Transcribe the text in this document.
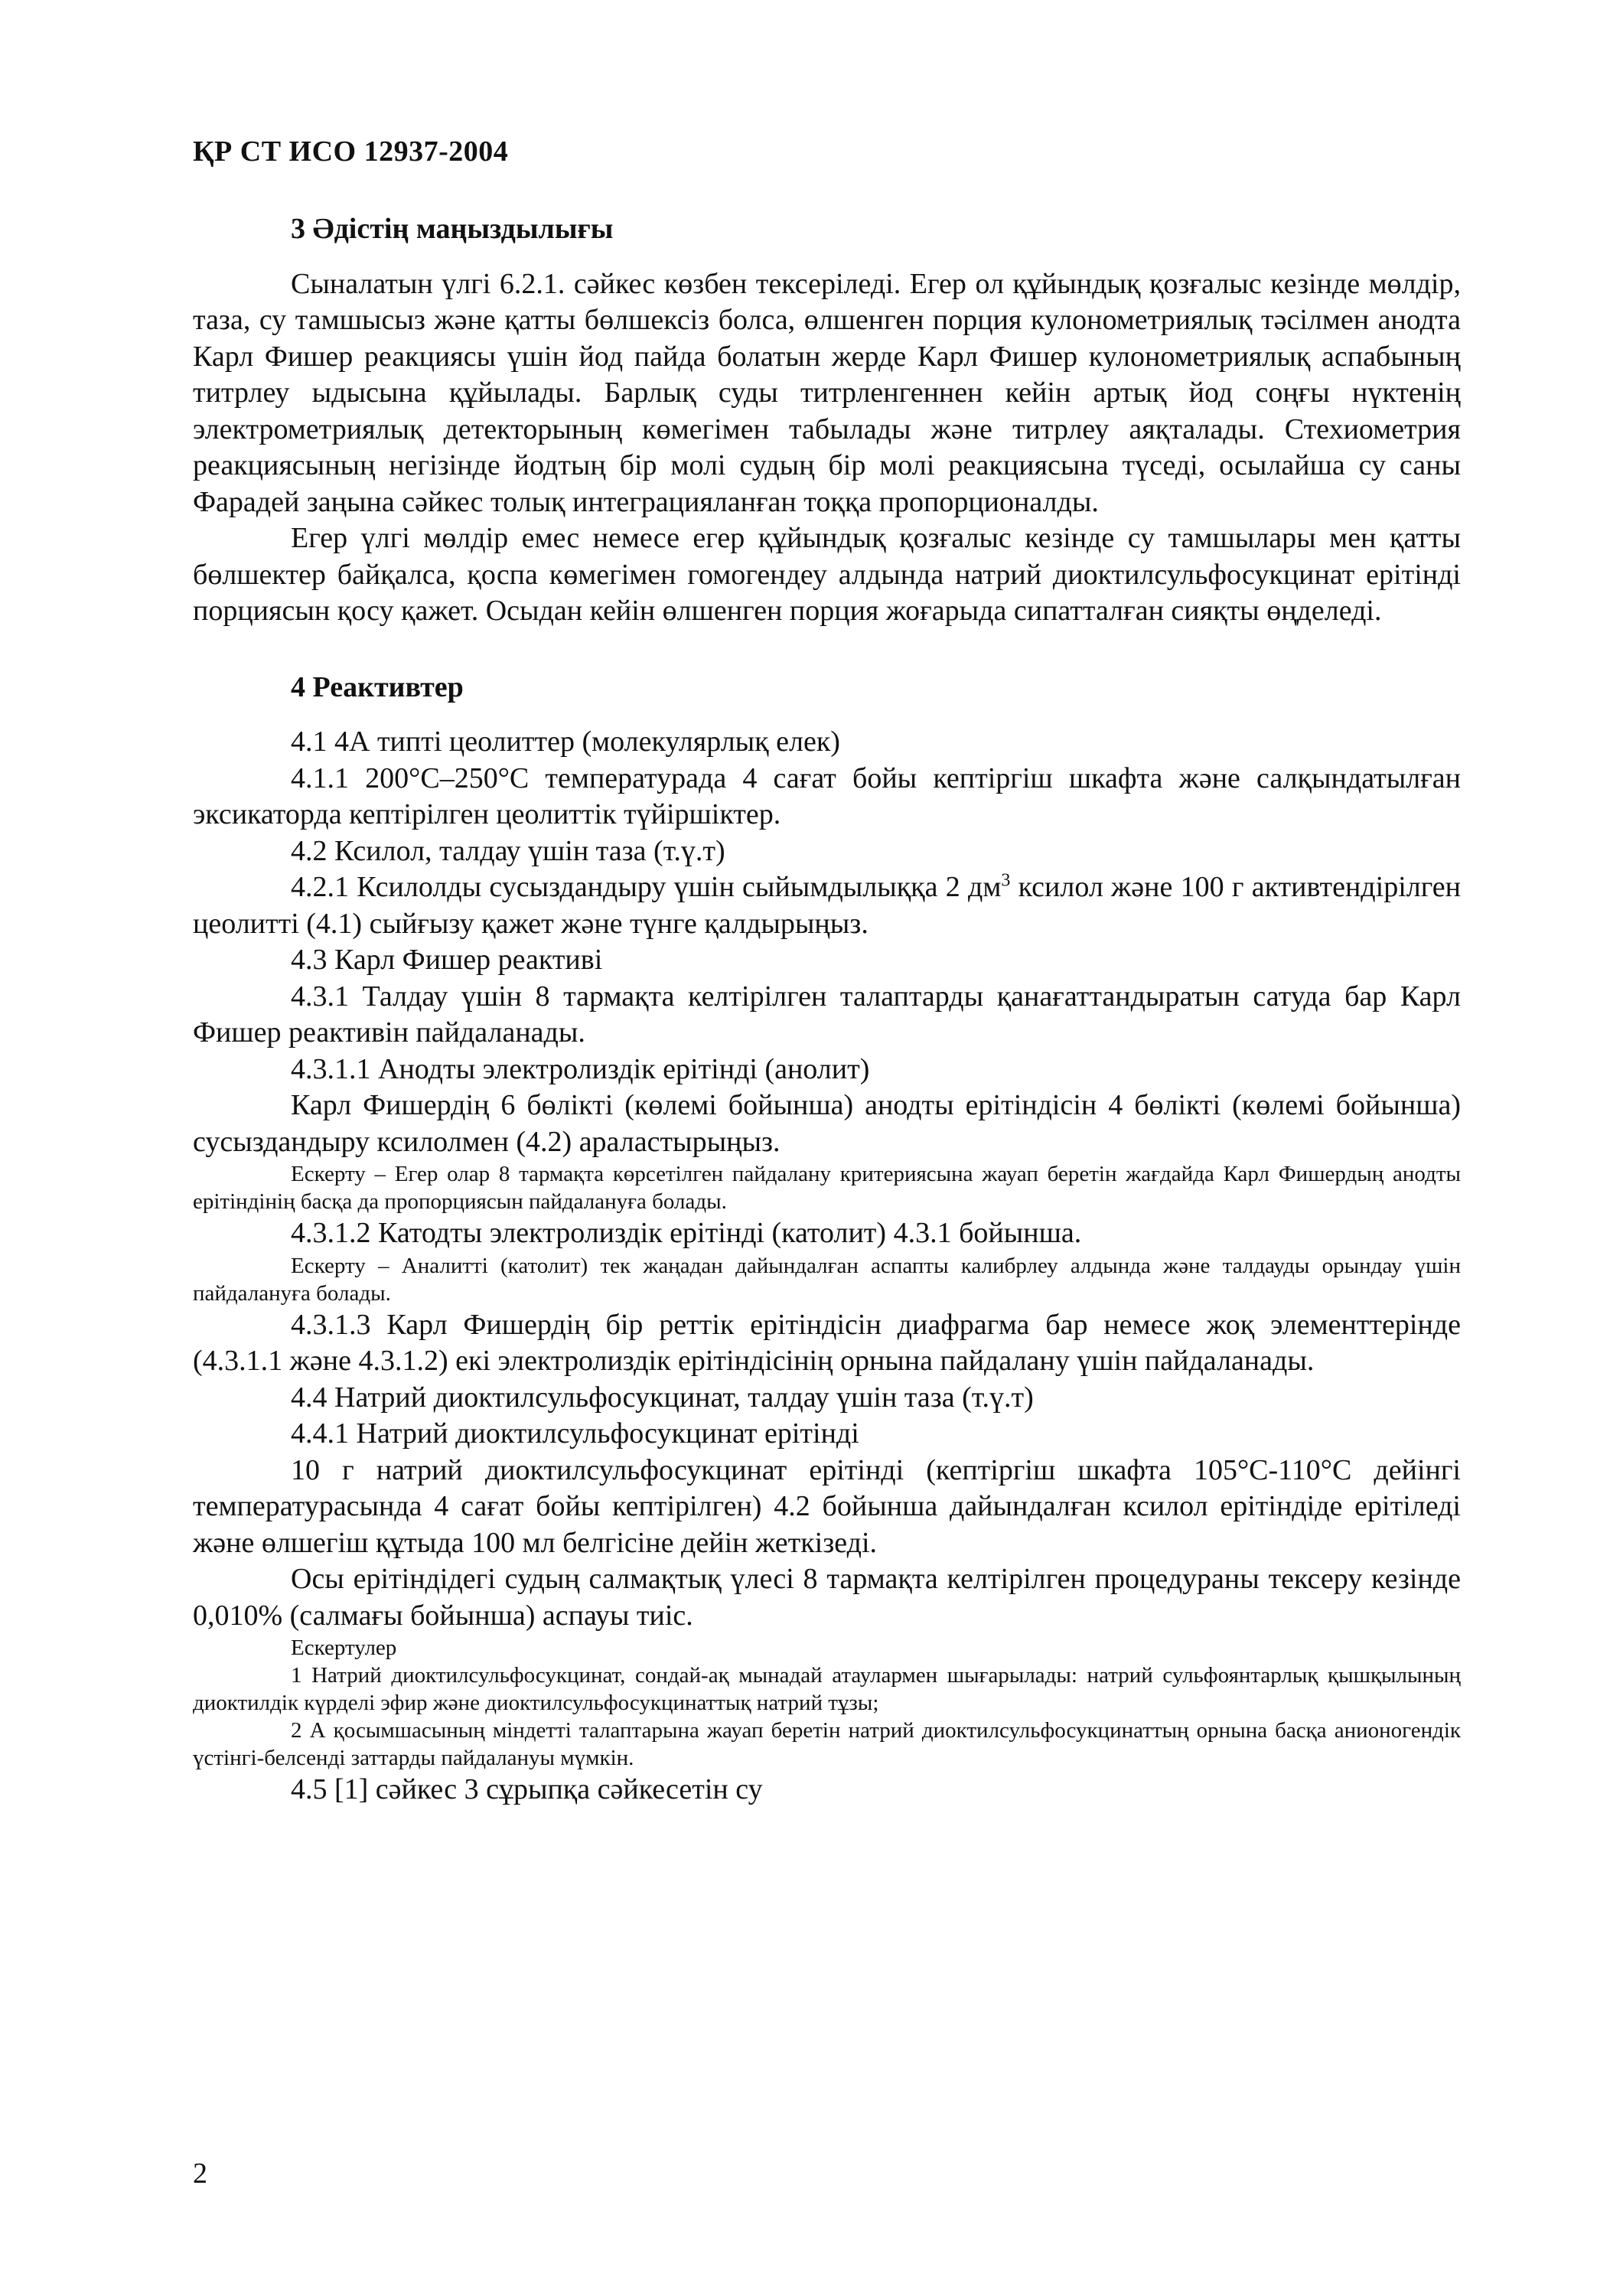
ҚР СТ ИСО 12937-2004
3 Әдістің маңыздылығы

Сыналатын үлгі 6.2.1. сәйкес көзбен тексеріледі. Егер ол құйындық қозғалыс кезінде мөлдір, таза, су тамшысыз және қатты бөлшексіз болса, өлшенген порция кулонометриялық тәсілмен анодта Карл Фишер реакциясы үшін йод пайда болатын жерде Карл Фишер кулонометриялық аспабының титрлеу ыдысына құйылады. Барлық суды титрленгеннен кейін артық йод соңғы нүктенің электрометриялық детекторының көмегімен табылады және титрлеу аяқталады. Стехиометрия реакциясының негізінде йодтың бір молі судың бір молі реакциясына түседі, осылайша су саны Фарадей заңына сәйкес толық интеграцияланған тоққа пропорционалды.

Егер үлгі мөлдір емес немесе егер құйындық қозғалыс кезінде су тамшылары мен қатты бөлшектер байқалса, қоспа көмегімен гомогендеу алдында натрий диоктилсульфосукцинат ерітінді порциясын қосу қажет. Осыдан кейін өлшенген порция жоғарыда сипатталған сияқты өңделеді.

4 Реактивтер

4.1 4А типті цеолиттер (молекулярлық елек)

4.1.1 200°С–250°С температурада 4 сағат бойы кептіргіш шкафта және салқындатылған эксикаторда кептірілген цеолиттік түйіршіктер.

4.2 Ксилол, талдау үшін таза (т.ү.т)

4.2.1 Ксилолды сусыздандыру үшін сыйымдылыққа 2 $дм^3$ ксилол және 100 г активтендірілген цеолитті (4.1) сыйғызу қажет және түнге қалдырыңыз.

4.3 Карл Фишер реактиві

4.3.1 Талдау үшін 8 тармақта келтірілген талаптарды қанағаттандыратын сатуда бар Карл Фишер реактивін пайдаланады.

4.3.1.1 Анодты электролиздік ерітінді (анолит)

Карл Фишердің 6 бөлікті (көлемі бойынша) анодты ерітіндісін 4 бөлікті (көлемі бойынша) сусыздандыру ксилолмен (4.2) араластырыңыз.

Ескерту – Егер олар 8 тармақта көрсетілген пайдалану критериясына жауап беретін жағдайда Карл Фишердың анодты ерітіндінің басқа да пропорциясын пайдалануға болады.

4.3.1.2 Катодты электролиздік ерітінді (католит) 4.3.1 бойынша.

Ескерту – Аналитті (католит) тек жаңадан дайындалған аспапты калибрлеу алдында және талдауды орындау үшін пайдалануға болады.

4.3.1.3 Карл Фишердің бір реттік ерітіндісін диафрагма бар немесе жоқ элементтерінде (4.3.1.1 және 4.3.1.2) екі электролиздік ерітіндісінің орнына пайдалану үшін пайдаланады.

4.4 Натрий диоктилсульфосукцинат, талдау үшін таза (т.ү.т)

4.4.1 Натрий диоктилсульфосукцинат ерітінді

10 г натрий диоктилсульфосукцинат ерітінді (кептіргіш шкафта 105°С-110°С дейінгі температурасында 4 сағат бойы кептірілген) 4.2 бойынша дайындалған ксилол ерітіндіде ерітіледі және өлшегіш құтыда 100 мл белгісіне дейін жеткізеді.

Осы ерітіндідегі судың салмақтық үлесі 8 тармақта келтірілген процедураны тексеру кезінде 0,010% (салмағы бойынша) аспауы тиіс.

Ескертулер

1 Натрий диоктилсульфосукцинат, сондай-ақ мынадай атаулармен шығарылады: натрий сульфоянтарлық қышқылының диоктилдік күрделі эфир және диоктилсульфосукцинаттық натрий тұзы;

2 А қосымшасының міндетті талаптарына жауап беретін натрий диоктилсульфосукцинаттың орнына басқа анионогендік үстінгі-белсенді заттарды пайдалануы мүмкін.

4.5 [1] сәйкес 3 сұрыпқа сәйкесетін су

2
